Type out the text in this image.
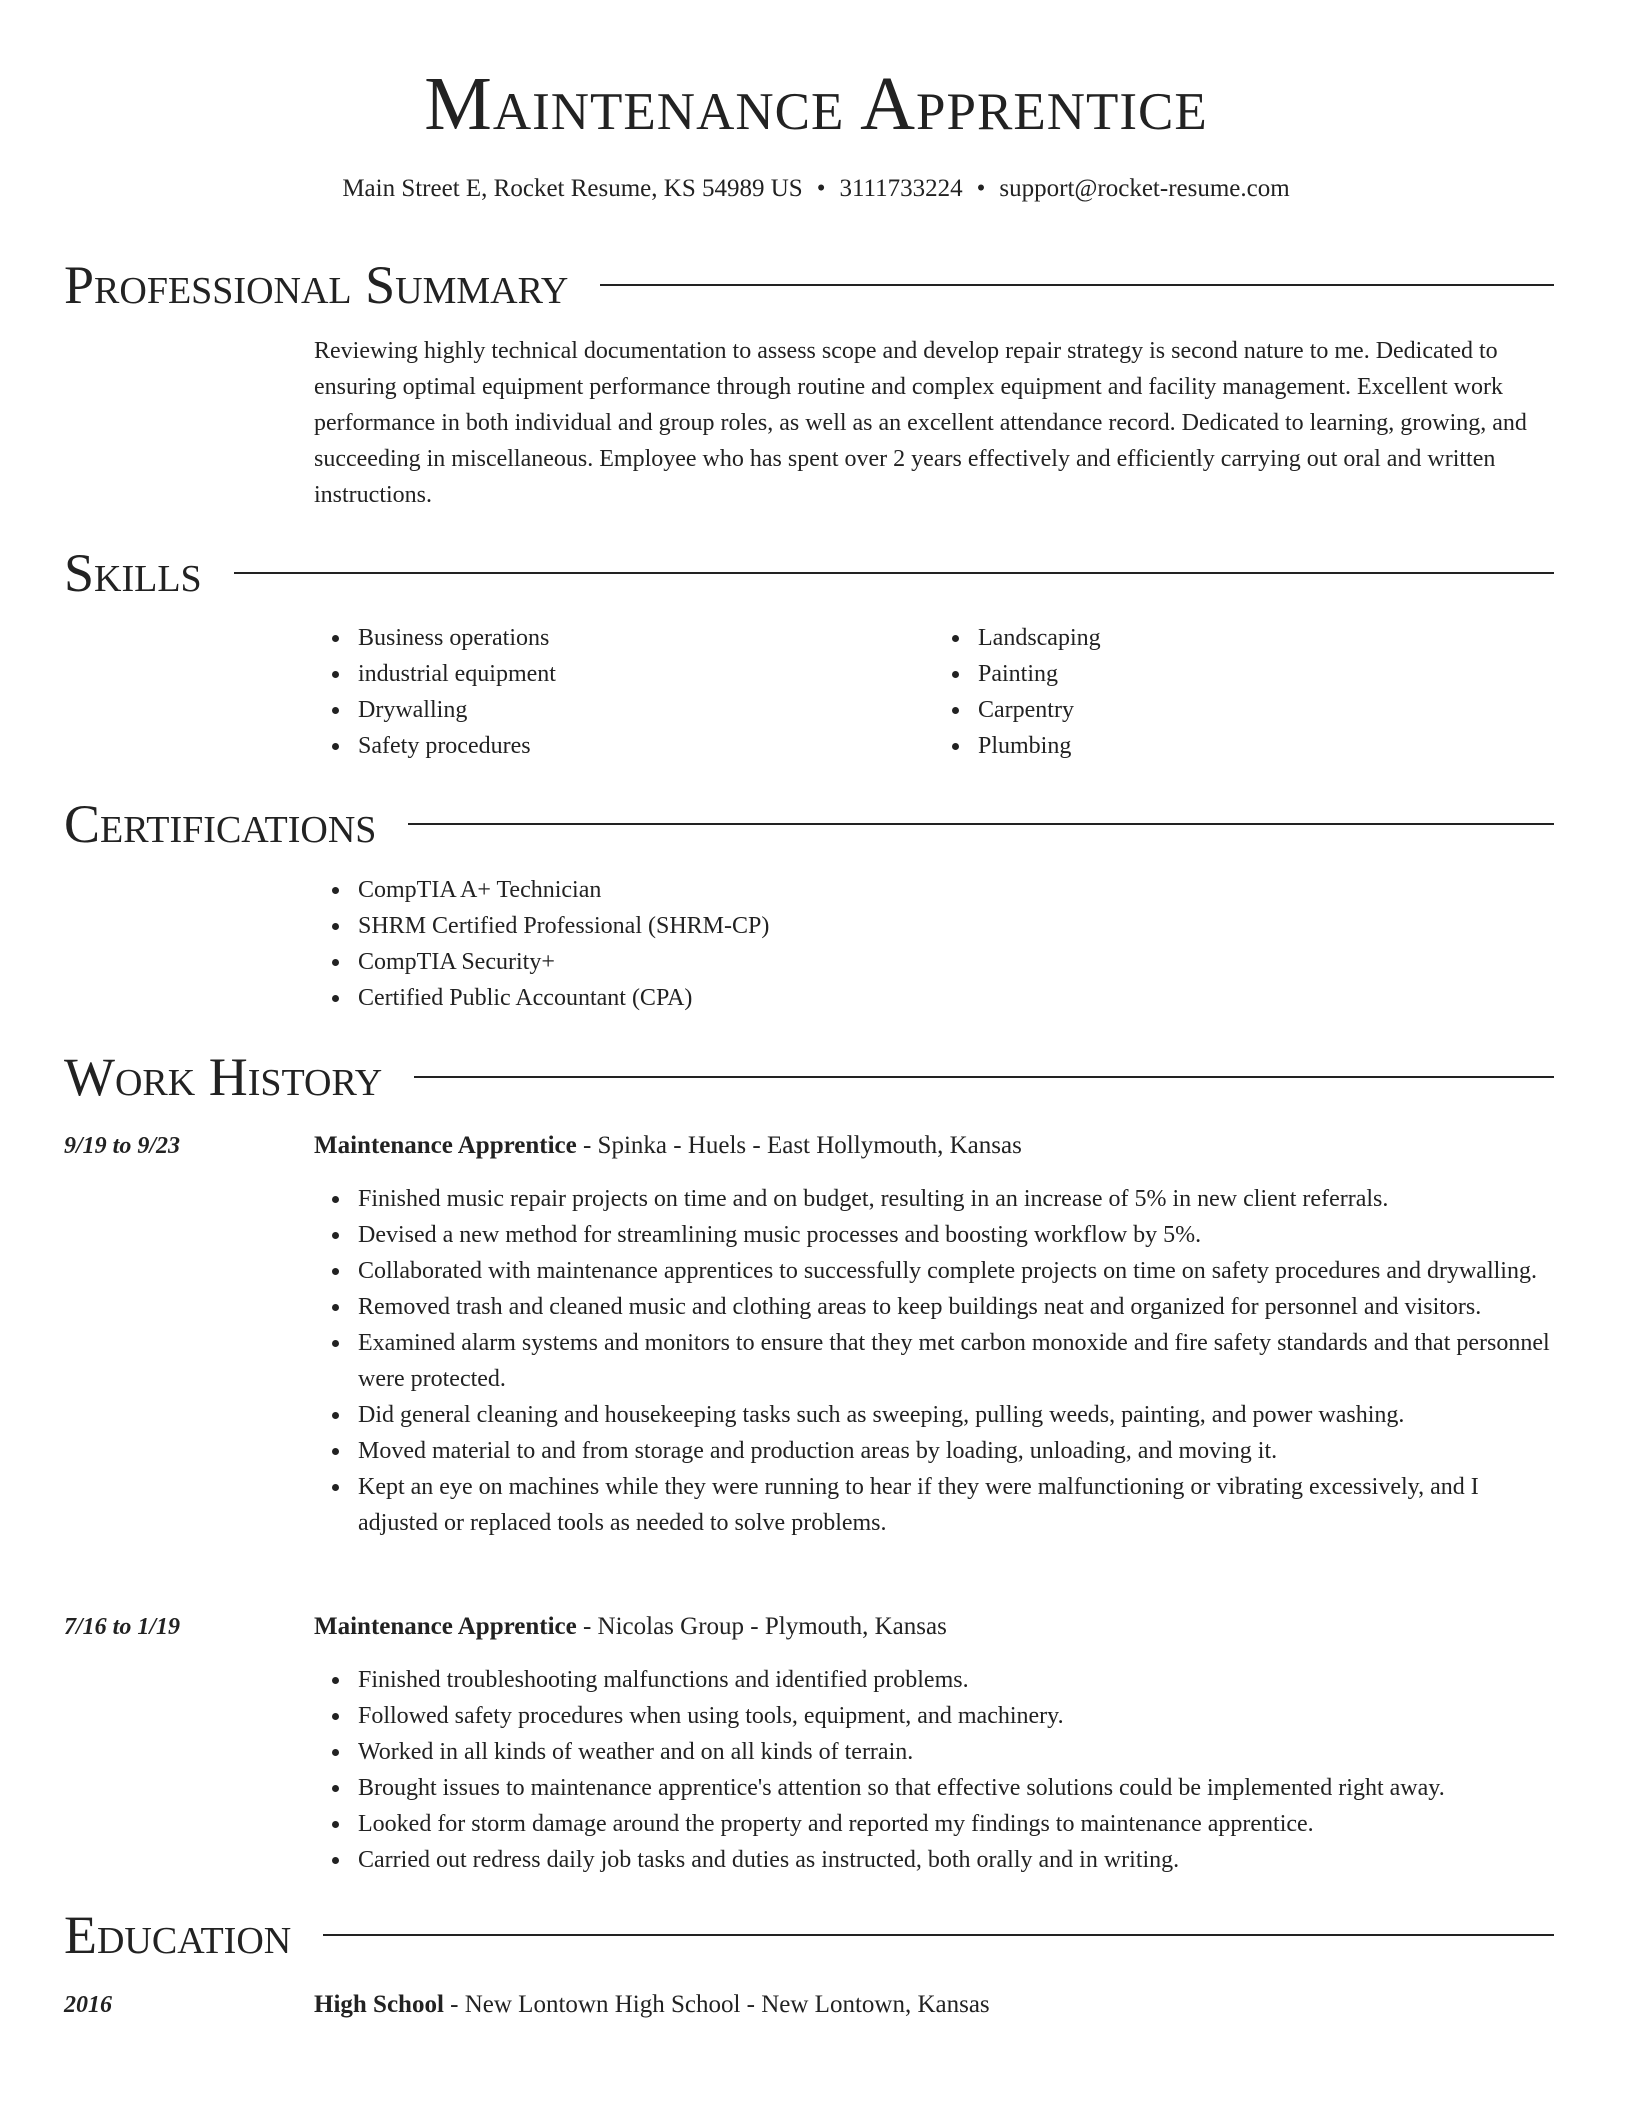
Maintenance Apprentice
Main Street E, Rocket Resume, KS 54989 US • 3111733224 • support@rocket-resume.com
Professional Summary

Reviewing highly technical documentation to assess scope and develop repair strategy is second nature to me. Dedicated to ensuring optimal equipment performance through routine and complex equipment and facility management. Excellent work performance in both individual and group roles, as well as an excellent attendance record. Dedicated to learning, growing, and succeeding in miscellaneous. Employee who has spent over 2 years effectively and efficiently carrying out oral and written instructions.

Skills
Business operations
industrial equipment
Drywalling
Safety procedures
Landscaping
Painting
Carpentry
Plumbing
Certifications
CompTIA A+ Technician
SHRM Certified Professional (SHRM-CP)
CompTIA Security+
Certified Public Accountant (CPA)
Work History
9/19 to 9/23	Maintenance Apprentice - Spinka - Huels - East Hollymouth, Kansas
Finished music repair projects on time and on budget, resulting in an increase of 5% in new client referrals.
Devised a new method for streamlining music processes and boosting workflow by 5%.
Collaborated with maintenance apprentices to successfully complete projects on time on safety procedures and drywalling.
Removed trash and cleaned music and clothing areas to keep buildings neat and organized for personnel and visitors.
Examined alarm systems and monitors to ensure that they met carbon monoxide and fire safety standards and that personnel were protected.
Did general cleaning and housekeeping tasks such as sweeping, pulling weeds, painting, and power washing.
Moved material to and from storage and production areas by loading, unloading, and moving it.
Kept an eye on machines while they were running to hear if they were malfunctioning or vibrating excessively, and I adjusted or replaced tools as needed to solve problems.
7/16 to 1/19	Maintenance Apprentice - Nicolas Group - Plymouth, Kansas
Finished troubleshooting malfunctions and identified problems.
Followed safety procedures when using tools, equipment, and machinery.
Worked in all kinds of weather and on all kinds of terrain.
Brought issues to maintenance apprentice's attention so that effective solutions could be implemented right away.
Looked for storm damage around the property and reported my findings to maintenance apprentice.
Carried out redress daily job tasks and duties as instructed, both orally and in writing.
Education
2016	High School - New Lontown High School - New Lontown, Kansas
